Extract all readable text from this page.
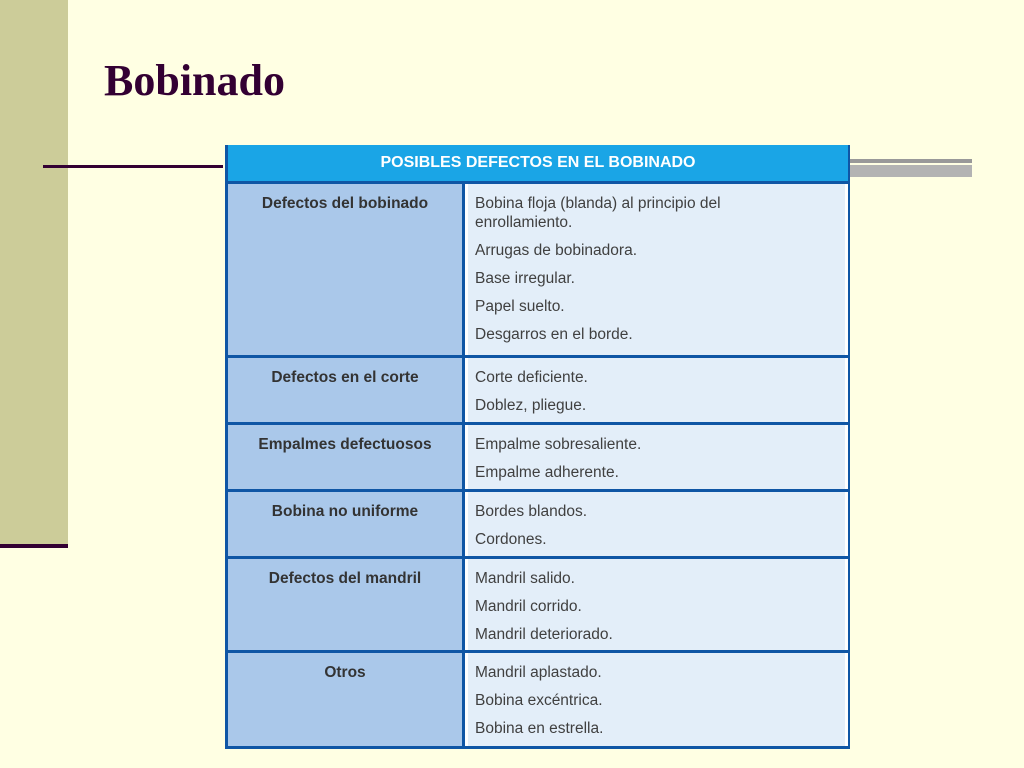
Bobinado
POSIBLES DEFECTOS EN EL BOBINADO
Defectos del bobinado	Bobina floja (blanda) al principio del enrollamiento.
Arrugas de bobinadora.
Base irregular.
Papel suelto.
Desgarros en el borde.
Defectos en el corte	Corte deficiente.
Doblez, pliegue.
Empalmes defectuosos	Empalme sobresaliente.
Empalme adherente.
Bobina no uniforme	Bordes blandos.
Cordones.
Defectos del mandril	Mandril salido.
Mandril corrido.
Mandril deteriorado.
Otros	Mandril aplastado.
Bobina excéntrica.
Bobina en estrella.
